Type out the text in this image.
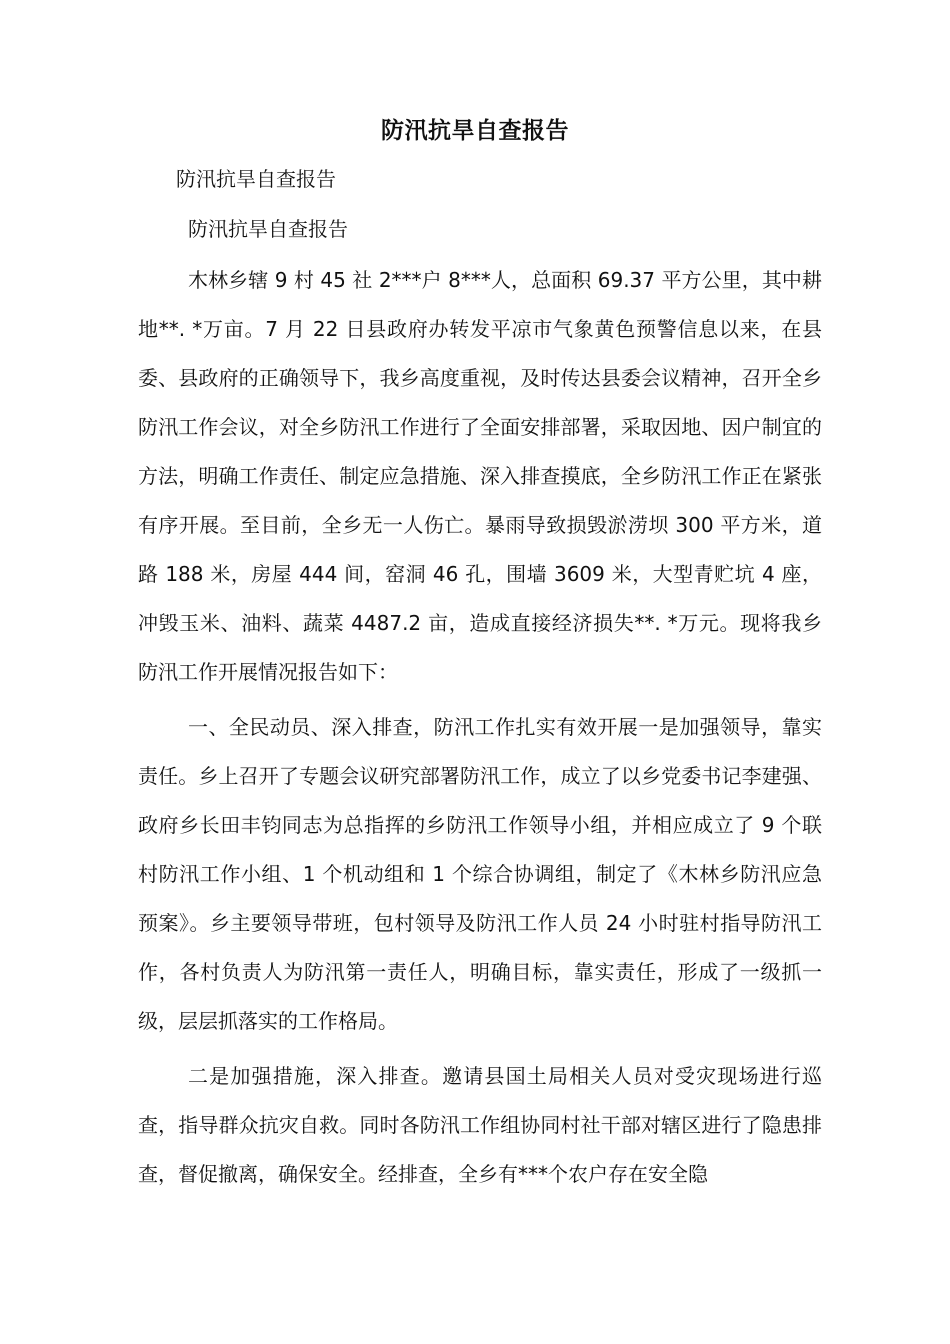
防汛抗旱自查报告
防汛抗旱自查报告
防汛抗旱自查报告

木林乡辖 9 村 45 社 2***户 8***人，总面积 69.37 平方公里，其中耕地**. *万亩。7 月 22 日县政府办转发平凉市气象黄色预警信息以来，在县委、县政府的正确领导下，我乡高度重视，及时传达县委会议精神，召开全乡防汛工作会议，对全乡防汛工作进行了全面安排部署，采取因地、因户制宜的方法，明确工作责任、制定应急措施、深入排查摸底，全乡防汛工作正在紧张有序开展。至目前，全乡无一人伤亡。暴雨导致损毁淤涝坝 300 平方米，道路 188 米，房屋 444 间，窑洞 46 孔，围墙 3609 米，大型青贮坑 4 座，冲毁玉米、油料、蔬菜 4487.2 亩，造成直接经济损失**. *万元。现将我乡防汛工作开展情况报告如下：

一、全民动员、深入排查，防汛工作扎实有效开展一是加强领导，靠实责任。乡上召开了专题会议研究部署防汛工作，成立了以乡党委书记李建强、政府乡长田丰钧同志为总指挥的乡防汛工作领导小组，并相应成立了 9 个联村防汛工作小组、1 个机动组和 1 个综合协调组，制定了《木林乡防汛应急预案》。乡主要领导带班，包村领导及防汛工作人员 24 小时驻村指导防汛工作，各村负责人为防汛第一责任人，明确目标，靠实责任，形成了一级抓一级，层层抓落实的工作格局。

二是加强措施，深入排查。邀请县国土局相关人员对受灾现场进行巡查，指导群众抗灾自救。同时各防汛工作组协同村社干部对辖区进行了隐患排查，督促撤离，确保安全。经排查，全乡有***个农户存在安全隐
